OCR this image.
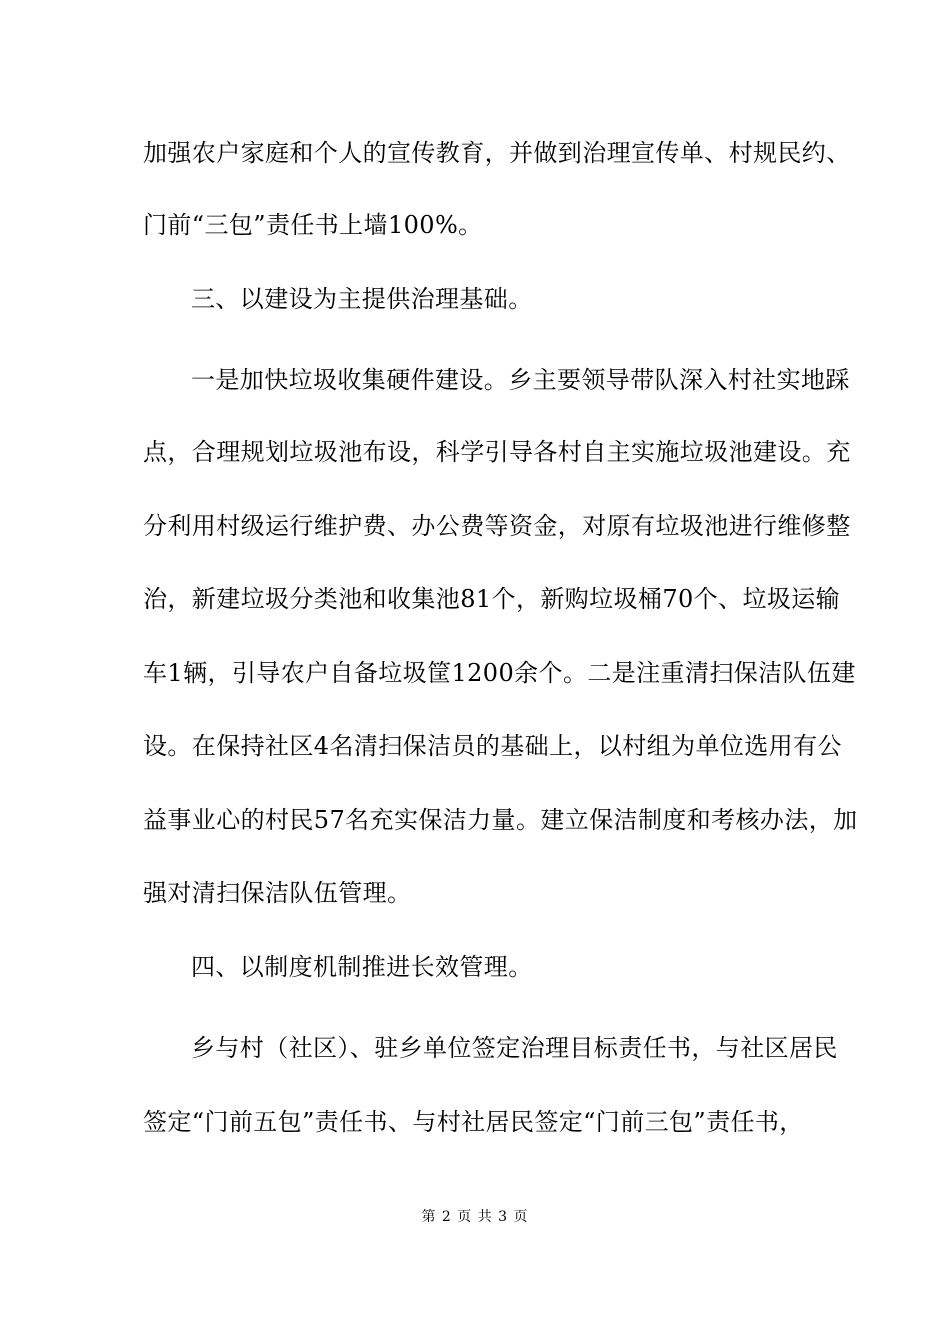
加强农户家庭和个人的宣传教育，并做到治理宣传单、村规民约、
门前“三包”责任书上墙100%。
三、以建设为主提供治理基础。
一是加快垃圾收集硬件建设。乡主要领导带队深入村社实地踩
点，合理规划垃圾池布设，科学引导各村自主实施垃圾池建设。充
分利用村级运行维护费、办公费等资金，对原有垃圾池进行维修整
治，新建垃圾分类池和收集池81个，新购垃圾桶70个、垃圾运输
车1辆，引导农户自备垃圾筐1200余个。二是注重清扫保洁队伍建
设。在保持社区4名清扫保洁员的基础上，以村组为单位选用有公
益事业心的村民57名充实保洁力量。建立保洁制度和考核办法，加
强对清扫保洁队伍管理。
四、以制度机制推进长效管理。
乡与村（社区）、驻乡单位签定治理目标责任书，与社区居民
签定“门前五包”责任书、与村社居民签定“门前三包”责任书，
第 2 页 共 3 页
